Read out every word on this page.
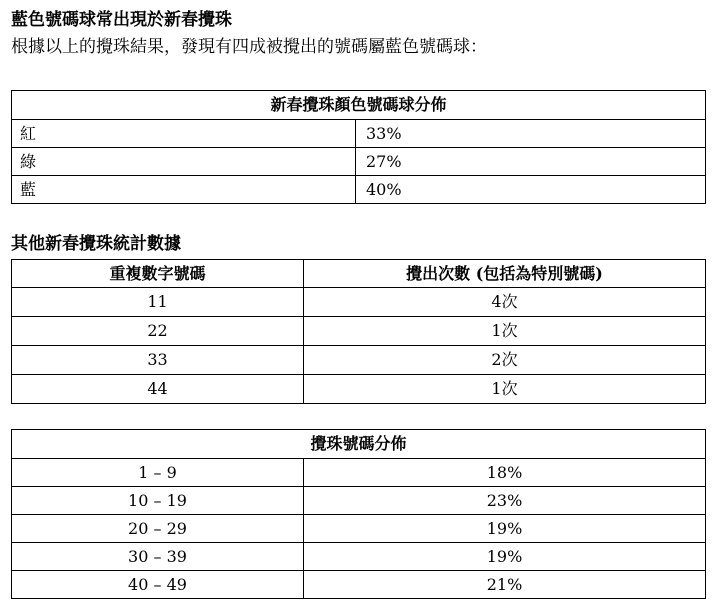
藍色號碼球常出現於新春攪珠
根據以上的攪珠結果，發現有四成被攪出的號碼屬藍色號碼球：
新春攪珠顏色號碼球分佈	
紅	33%
綠	27%
藍	40%
其他新春攪珠統計數據
重複數字號碼	攪出次數 (包括為特別號碼)
11	4次
22	1次
33	2次
44	1次
攪珠號碼分佈	
1 – 9	18%
10 – 19	23%
20 – 29	19%
30 – 39	19%
40 – 49	21%
